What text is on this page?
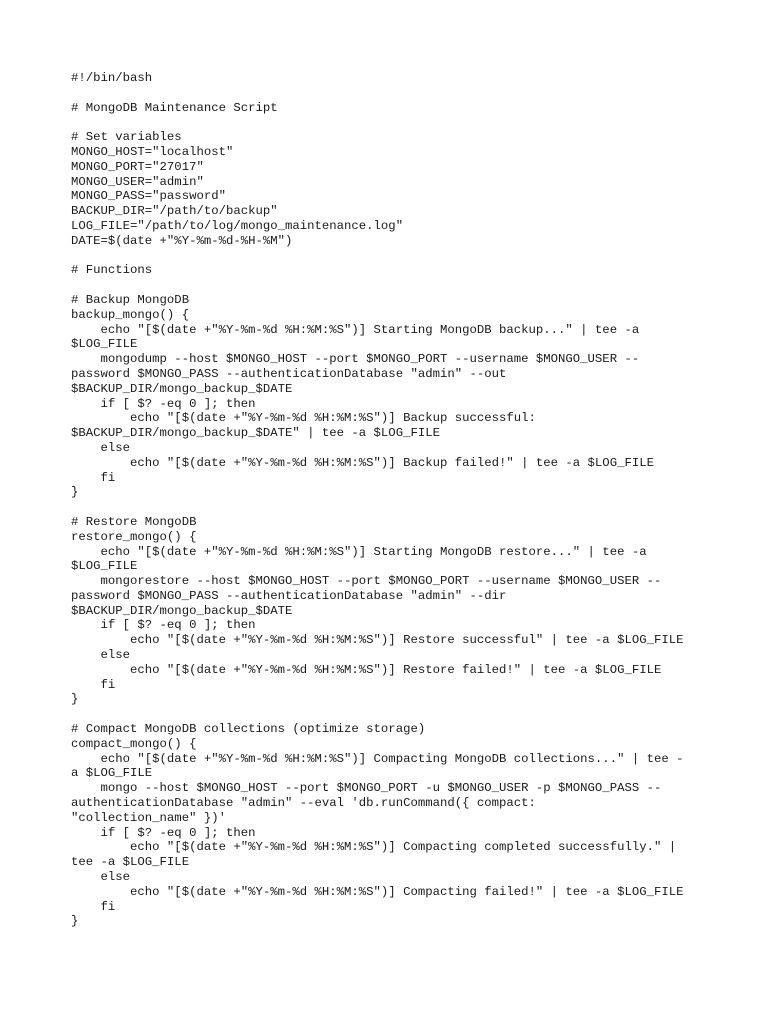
#!/bin/bash
# MongoDB Maintenance Script
# Set variables
MONGO_HOST="localhost"
MONGO_PORT="27017"
MONGO_USER="admin"
MONGO_PASS="password"
BACKUP_DIR="/path/to/backup"
LOG_FILE="/path/to/log/mongo_maintenance.log"
DATE=$(date +"%Y-%m-%d-%H-%M")
# Functions
# Backup MongoDB
backup_mongo() {
echo "[$(date +"%Y-%m-%d %H:%M:%S")] Starting MongoDB backup..." | tee -a
$LOG_FILE
mongodump --host $MONGO_HOST --port $MONGO_PORT --username $MONGO_USER --
password $MONGO_PASS --authenticationDatabase "admin" --out
$BACKUP_DIR/mongo_backup_$DATE
if [ $? -eq 0 ]; then
echo "[$(date +"%Y-%m-%d %H:%M:%S")] Backup successful:
$BACKUP_DIR/mongo_backup_$DATE" | tee -a $LOG_FILE
else
echo "[$(date +"%Y-%m-%d %H:%M:%S")] Backup failed!" | tee -a $LOG_FILE
fi
}
# Restore MongoDB
restore_mongo() {
echo "[$(date +"%Y-%m-%d %H:%M:%S")] Starting MongoDB restore..." | tee -a
$LOG_FILE
mongorestore --host $MONGO_HOST --port $MONGO_PORT --username $MONGO_USER --
password $MONGO_PASS --authenticationDatabase "admin" --dir
$BACKUP_DIR/mongo_backup_$DATE
if [ $? -eq 0 ]; then
echo "[$(date +"%Y-%m-%d %H:%M:%S")] Restore successful" | tee -a $LOG_FILE
else
echo "[$(date +"%Y-%m-%d %H:%M:%S")] Restore failed!" | tee -a $LOG_FILE
fi
}
# Compact MongoDB collections (optimize storage)
compact_mongo() {
echo "[$(date +"%Y-%m-%d %H:%M:%S")] Compacting MongoDB collections..." | tee -
a $LOG_FILE
mongo --host $MONGO_HOST --port $MONGO_PORT -u $MONGO_USER -p $MONGO_PASS --
authenticationDatabase "admin" --eval 'db.runCommand({ compact:
"collection_name" })'
if [ $? -eq 0 ]; then
echo "[$(date +"%Y-%m-%d %H:%M:%S")] Compacting completed successfully." |
tee -a $LOG_FILE
else
echo "[$(date +"%Y-%m-%d %H:%M:%S")] Compacting failed!" | tee -a $LOG_FILE
fi
}
